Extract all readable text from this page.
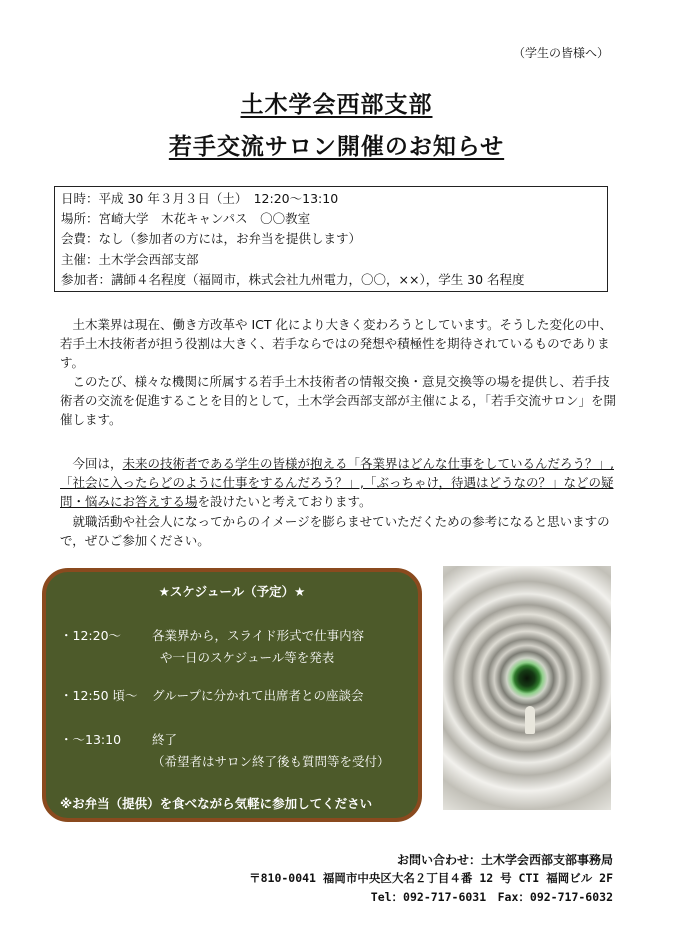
（学生の皆様へ）
土木学会西部支部
若手交流サロン開催のお知らせ
日時：平成 30 年３月３日（土）　12:20～13:10
場所：宮崎大学　木花キャンパス　〇〇教室
会費：なし（参加者の方には，お弁当を提供します）
主催：土木学会西部支部
参加者：講師４名程度（福岡市，株式会社九州電力，〇〇，××），学生 30 名程度
 土木業界は現在、働き方改革や ICT 化により大きく変わろうとしています。そうした変化の中、若手土木技術者が担う役割は大きく、若手ならではの発想や積極性を期待されているものであります。
 このたび、様々な機関に所属する若手土木技術者の情報交換・意見交換等の場を提供し、若手技術者の交流を促進することを目的として，土木学会西部支部が主催による，「若手交流サロン」を開催します。
 今回は，未来の技術者である学生の皆様が抱える「各業界はどんな仕事をしているんだろう？」,「社会に入ったらどのように仕事をするんだろう？」,「ぶっちゃけ，待遇はどうなの？」などの疑問・悩みにお答えする場を設けたいと考えております。
 就職活動や社会人になってからのイメージを膨らませていただくための参考になると思いますので，ぜひご参加ください。
★スケジュール（予定）★
・12:20～ 各業界から，スライド形式で仕事内容
や一日のスケジュール等を発表
・12:50 頃～ グループに分かれて出席者との座談会
・～13:10 終了
（希望者はサロン終了後も質問等を受付）
※お弁当（提供）を食べながら気軽に参加してください
お問い合わせ：土木学会西部支部事務局
〒810-0041 福岡市中央区大名２丁目４番 12 号 CTI 福岡ビル 2F
Tel：092-717-6031　Fax：092-717-6032
